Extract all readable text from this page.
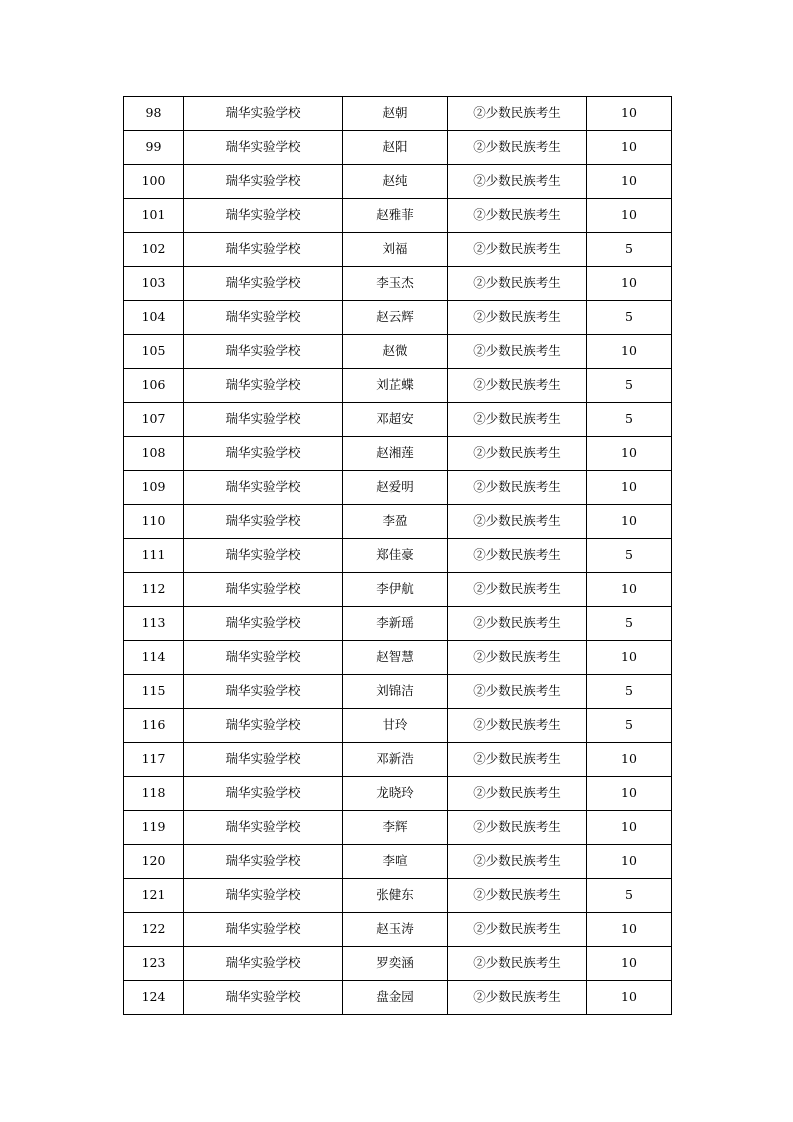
98	瑞华实验学校	赵朝	②少数民族考生	10
99	瑞华实验学校	赵阳	②少数民族考生	10
100	瑞华实验学校	赵纯	②少数民族考生	10
101	瑞华实验学校	赵雅菲	②少数民族考生	10
102	瑞华实验学校	刘福	②少数民族考生	5
103	瑞华实验学校	李玉杰	②少数民族考生	10
104	瑞华实验学校	赵云辉	②少数民族考生	5
105	瑞华实验学校	赵微	②少数民族考生	10
106	瑞华实验学校	刘芷蝶	②少数民族考生	5
107	瑞华实验学校	邓超安	②少数民族考生	5
108	瑞华实验学校	赵湘莲	②少数民族考生	10
109	瑞华实验学校	赵爱明	②少数民族考生	10
110	瑞华实验学校	李盈	②少数民族考生	10
111	瑞华实验学校	郑佳豪	②少数民族考生	5
112	瑞华实验学校	李伊航	②少数民族考生	10
113	瑞华实验学校	李新瑶	②少数民族考生	5
114	瑞华实验学校	赵智慧	②少数民族考生	10
115	瑞华实验学校	刘锦洁	②少数民族考生	5
116	瑞华实验学校	甘玲	②少数民族考生	5
117	瑞华实验学校	邓新浩	②少数民族考生	10
118	瑞华实验学校	龙晓玲	②少数民族考生	10
119	瑞华实验学校	李辉	②少数民族考生	10
120	瑞华实验学校	李喧	②少数民族考生	10
121	瑞华实验学校	张健东	②少数民族考生	5
122	瑞华实验学校	赵玉涛	②少数民族考生	10
123	瑞华实验学校	罗奕涵	②少数民族考生	10
124	瑞华实验学校	盘金园	②少数民族考生	10
